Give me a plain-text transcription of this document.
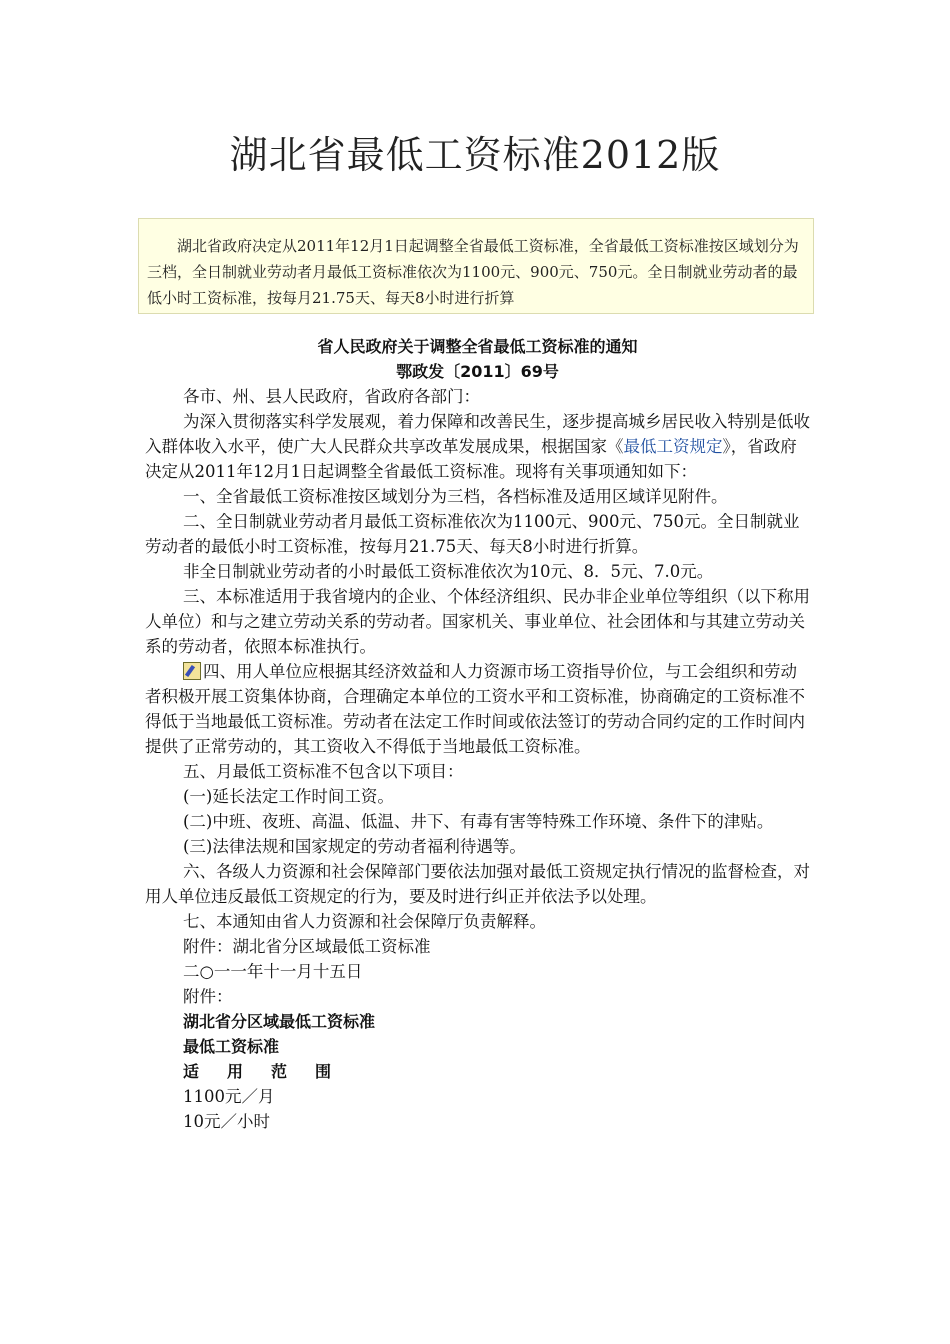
湖北省最低工资标准2012版
湖北省政府决定从2011年12月1日起调整全省最低工资标准，全省最低工资标准按区域划分为三档，全日制就业劳动者月最低工资标准依次为1100元、900元、750元。全日制就业劳动者的最低小时工资标准，按每月21.75天、每天8小时进行折算
省人民政府关于调整全省最低工资标准的通知
鄂政发〔2011〕69号

各市、州、县人民政府，省政府各部门：

为深入贯彻落实科学发展观，着力保障和改善民生，逐步提高城乡居民收入特别是低收入群体收入水平，使广大人民群众共享改革发展成果，根据国家《最低工资规定》，省政府决定从2011年12月1日起调整全省最低工资标准。现将有关事项通知如下：

一、全省最低工资标准按区域划分为三档，各档标准及适用区域详见附件。

二、全日制就业劳动者月最低工资标准依次为1100元、900元、750元。全日制就业劳动者的最低小时工资标准，按每月21.75天、每天8小时进行折算。

非全日制就业劳动者的小时最低工资标准依次为10元、8．5元、7.0元。

三、本标准适用于我省境内的企业、个体经济组织、民办非企业单位等组织（以下称用人单位）和与之建立劳动关系的劳动者。国家机关、事业单位、社会团体和与其建立劳动关系的劳动者，依照本标准执行。

四、用人单位应根据其经济效益和人力资源市场工资指导价位，与工会组织和劳动者积极开展工资集体协商，合理确定本单位的工资水平和工资标准，协商确定的工资标准不得低于当地最低工资标准。劳动者在法定工作时间或依法签订的劳动合同约定的工作时间内提供了正常劳动的，其工资收入不得低于当地最低工资标准。

五、月最低工资标准不包含以下项目：

(一)延长法定工作时间工资。

(二)中班、夜班、高温、低温、井下、有毒有害等特殊工作环境、条件下的津贴。

(三)法律法规和国家规定的劳动者福利待遇等。

六、各级人力资源和社会保障部门要依法加强对最低工资规定执行情况的监督检查，对用人单位违反最低工资规定的行为，要及时进行纠正并依法予以处理。

七、本通知由省人力资源和社会保障厅负责解释。

附件：湖北省分区域最低工资标准

二○一一年十一月十五日

附件：

湖北省分区域最低工资标准

最低工资标准

适用范围

1100元／月

10元／小时
